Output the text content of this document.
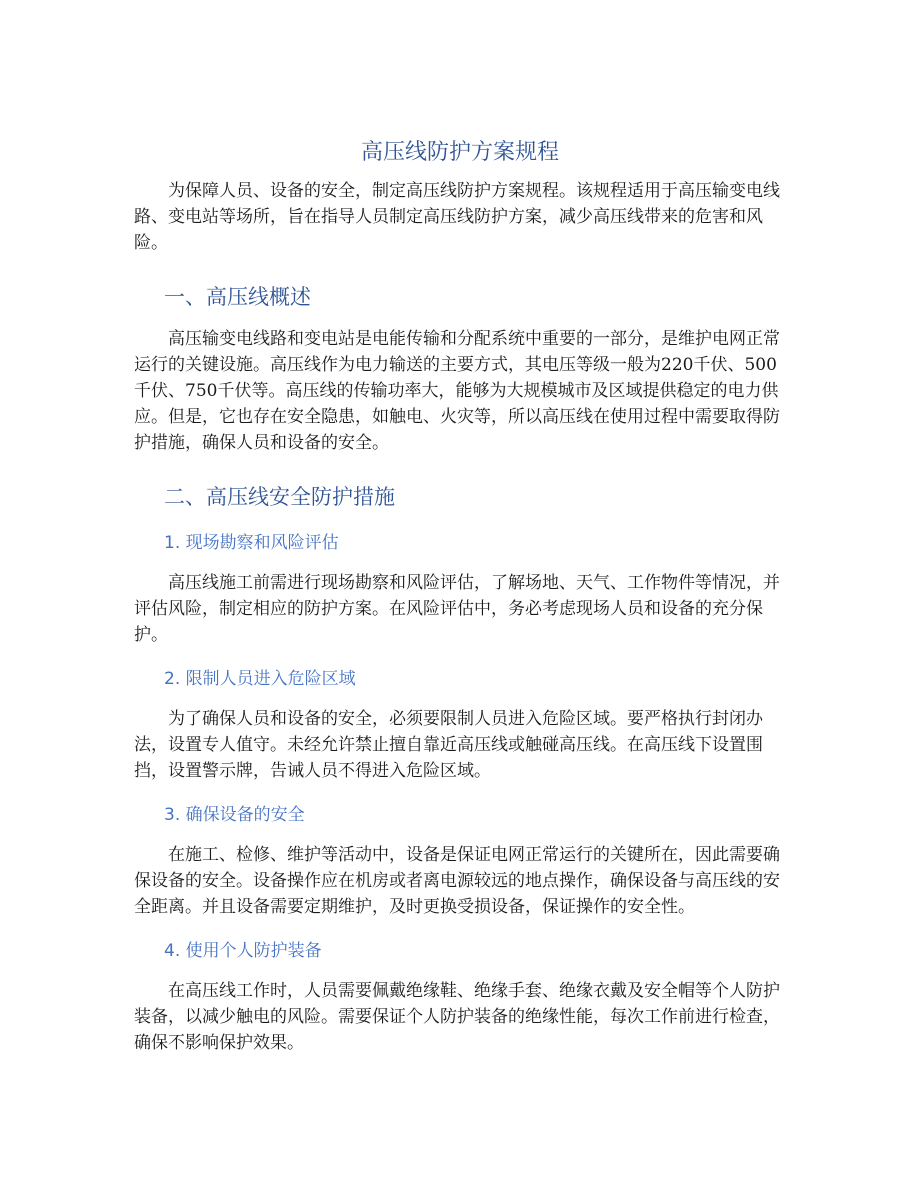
高压线防护方案规程

为保障人员、设备的安全，制定高压线防护方案规程。该规程适用于高压输变电线路、变电站等场所，旨在指导人员制定高压线防护方案，减少高压线带来的危害和风险。

一、高压线概述

高压输变电线路和变电站是电能传输和分配系统中重要的一部分，是维护电网正常运行的关键设施。高压线作为电力输送的主要方式，其电压等级一般为220千伏、500千伏、750千伏等。高压线的传输功率大，能够为大规模城市及区域提供稳定的电力供应。但是，它也存在安全隐患，如触电、火灾等，所以高压线在使用过程中需要取得防护措施，确保人员和设备的安全。

二、高压线安全防护措施
1. 现场勘察和风险评估

高压线施工前需进行现场勘察和风险评估，了解场地、天气、工作物件等情况，并评估风险，制定相应的防护方案。在风险评估中，务必考虑现场人员和设备的充分保护。

2. 限制人员进入危险区域

为了确保人员和设备的安全，必须要限制人员进入危险区域。要严格执行封闭办法，设置专人值守。未经允许禁止擅自靠近高压线或触碰高压线。在高压线下设置围挡，设置警示牌，告诫人员不得进入危险区域。

3. 确保设备的安全

在施工、检修、维护等活动中，设备是保证电网正常运行的关键所在，因此需要确保设备的安全。设备操作应在机房或者离电源较远的地点操作，确保设备与高压线的安全距离。并且设备需要定期维护，及时更换受损设备，保证操作的安全性。

4. 使用个人防护装备

在高压线工作时，人员需要佩戴绝缘鞋、绝缘手套、绝缘衣戴及安全帽等个人防护装备，以减少触电的风险。需要保证个人防护装备的绝缘性能，每次工作前进行检查，确保不影响保护效果。
